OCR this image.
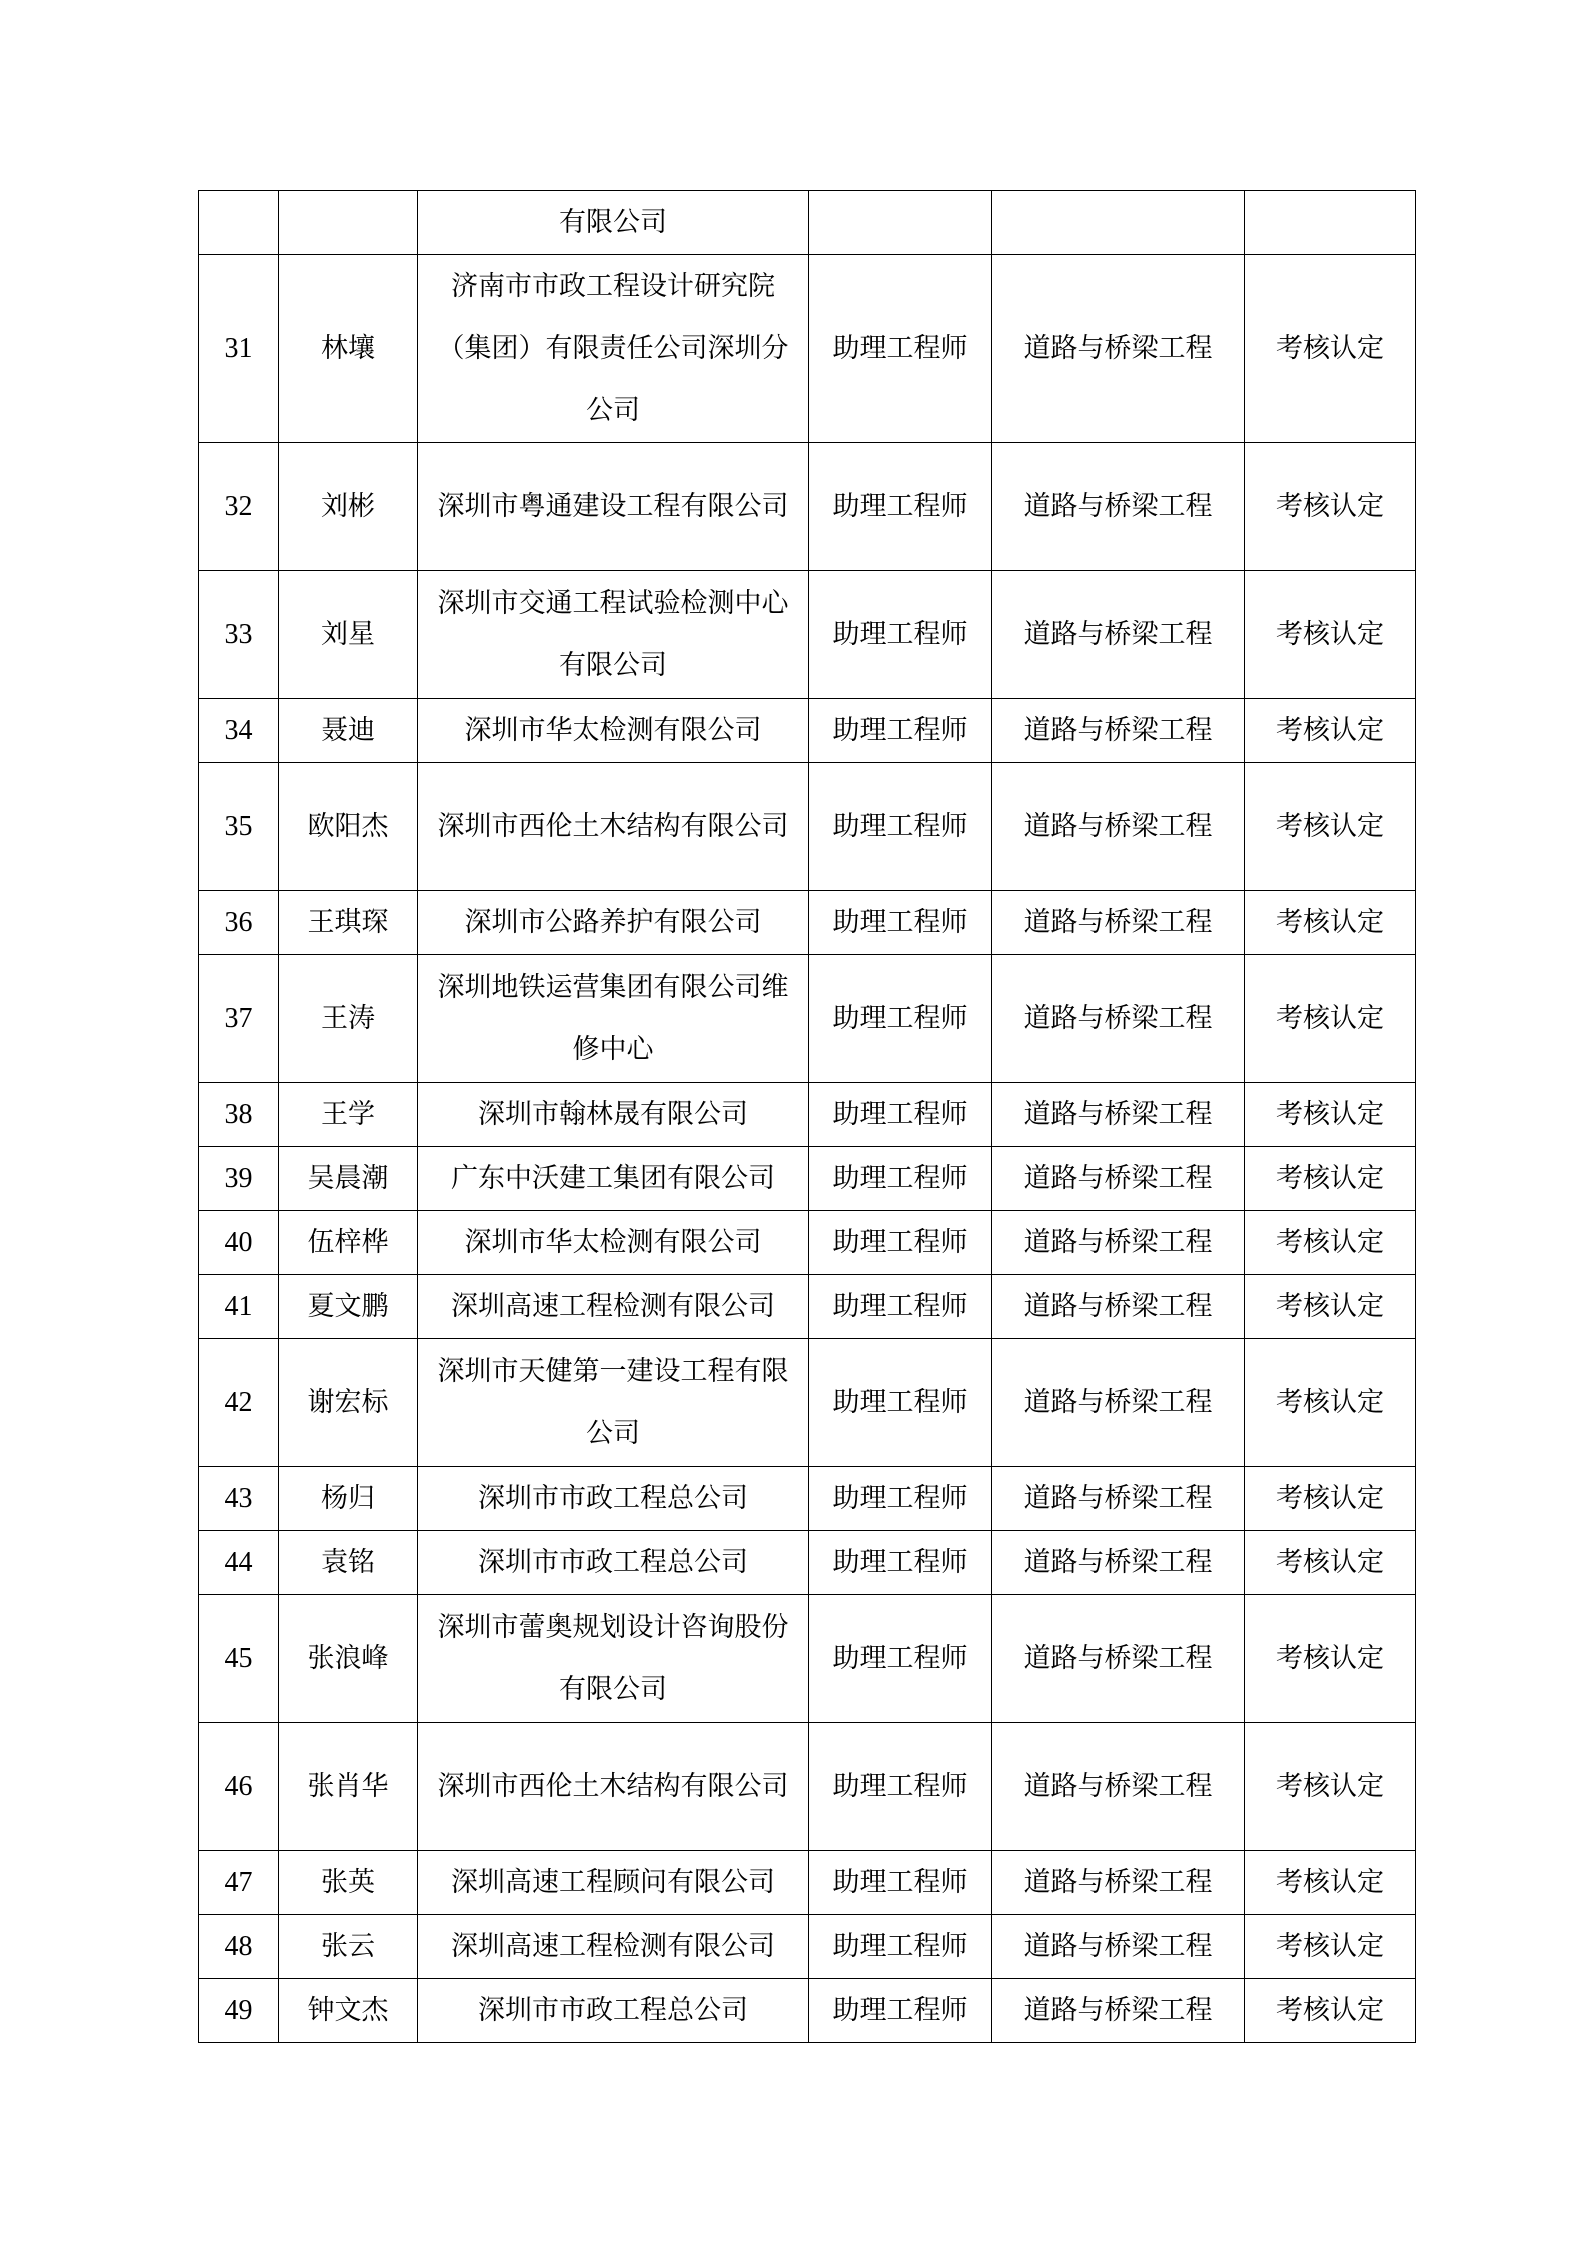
		有限公司			
31	林壤	济南市市政工程设计研究院（集团）有限责任公司深圳分公司	助理工程师	道路与桥梁工程	考核认定
32	刘彬	深圳市粤通建设工程有限公司	助理工程师	道路与桥梁工程	考核认定
33	刘星	深圳市交通工程试验检测中心有限公司	助理工程师	道路与桥梁工程	考核认定
34	聂迪	深圳市华太检测有限公司	助理工程师	道路与桥梁工程	考核认定
35	欧阳杰	深圳市西伦土木结构有限公司	助理工程师	道路与桥梁工程	考核认定
36	王琪琛	深圳市公路养护有限公司	助理工程师	道路与桥梁工程	考核认定
37	王涛	深圳地铁运营集团有限公司维修中心	助理工程师	道路与桥梁工程	考核认定
38	王学	深圳市翰林晟有限公司	助理工程师	道路与桥梁工程	考核认定
39	吴晨潮	广东中沃建工集团有限公司	助理工程师	道路与桥梁工程	考核认定
40	伍梓桦	深圳市华太检测有限公司	助理工程师	道路与桥梁工程	考核认定
41	夏文鹏	深圳高速工程检测有限公司	助理工程师	道路与桥梁工程	考核认定
42	谢宏标	深圳市天健第一建设工程有限公司	助理工程师	道路与桥梁工程	考核认定
43	杨归	深圳市市政工程总公司	助理工程师	道路与桥梁工程	考核认定
44	袁铭	深圳市市政工程总公司	助理工程师	道路与桥梁工程	考核认定
45	张浪峰	深圳市蕾奥规划设计咨询股份有限公司	助理工程师	道路与桥梁工程	考核认定
46	张肖华	深圳市西伦土木结构有限公司	助理工程师	道路与桥梁工程	考核认定
47	张英	深圳高速工程顾问有限公司	助理工程师	道路与桥梁工程	考核认定
48	张云	深圳高速工程检测有限公司	助理工程师	道路与桥梁工程	考核认定
49	钟文杰	深圳市市政工程总公司	助理工程师	道路与桥梁工程	考核认定
